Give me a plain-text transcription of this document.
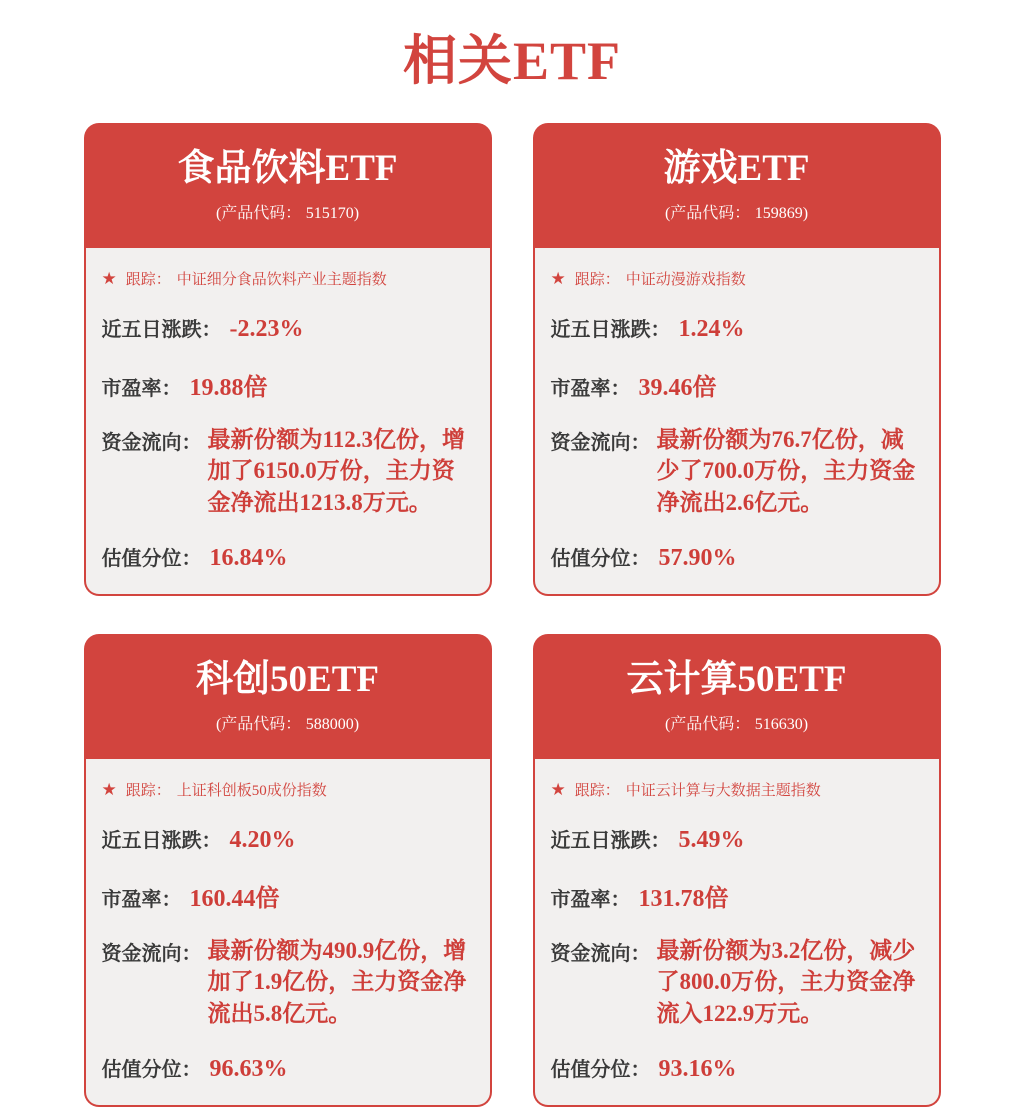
相关ETF
食品饮料ETF
(产品代码： 515170)
★ 跟踪： 中证细分食品饮料产业主题指数
近五日涨跌： -2.23%
市盈率： 19.88倍
资金流向： 最新份额为112.3亿份，增加了6150.0万份，主力资金净流出1213.8万元。
估值分位： 16.84%
游戏ETF
(产品代码： 159869)
★ 跟踪： 中证动漫游戏指数
近五日涨跌： 1.24%
市盈率： 39.46倍
资金流向： 最新份额为76.7亿份，减少了700.0万份，主力资金净流出2.6亿元。
估值分位： 57.90%
科创50ETF
(产品代码： 588000)
★ 跟踪： 上证科创板50成份指数
近五日涨跌： 4.20%
市盈率： 160.44倍
资金流向： 最新份额为490.9亿份，增加了1.9亿份，主力资金净流出5.8亿元。
估值分位： 96.63%
云计算50ETF
(产品代码： 516630)
★ 跟踪： 中证云计算与大数据主题指数
近五日涨跌： 5.49%
市盈率： 131.78倍
资金流向： 最新份额为3.2亿份，减少了800.0万份，主力资金净流入122.9万元。
估值分位： 93.16%
